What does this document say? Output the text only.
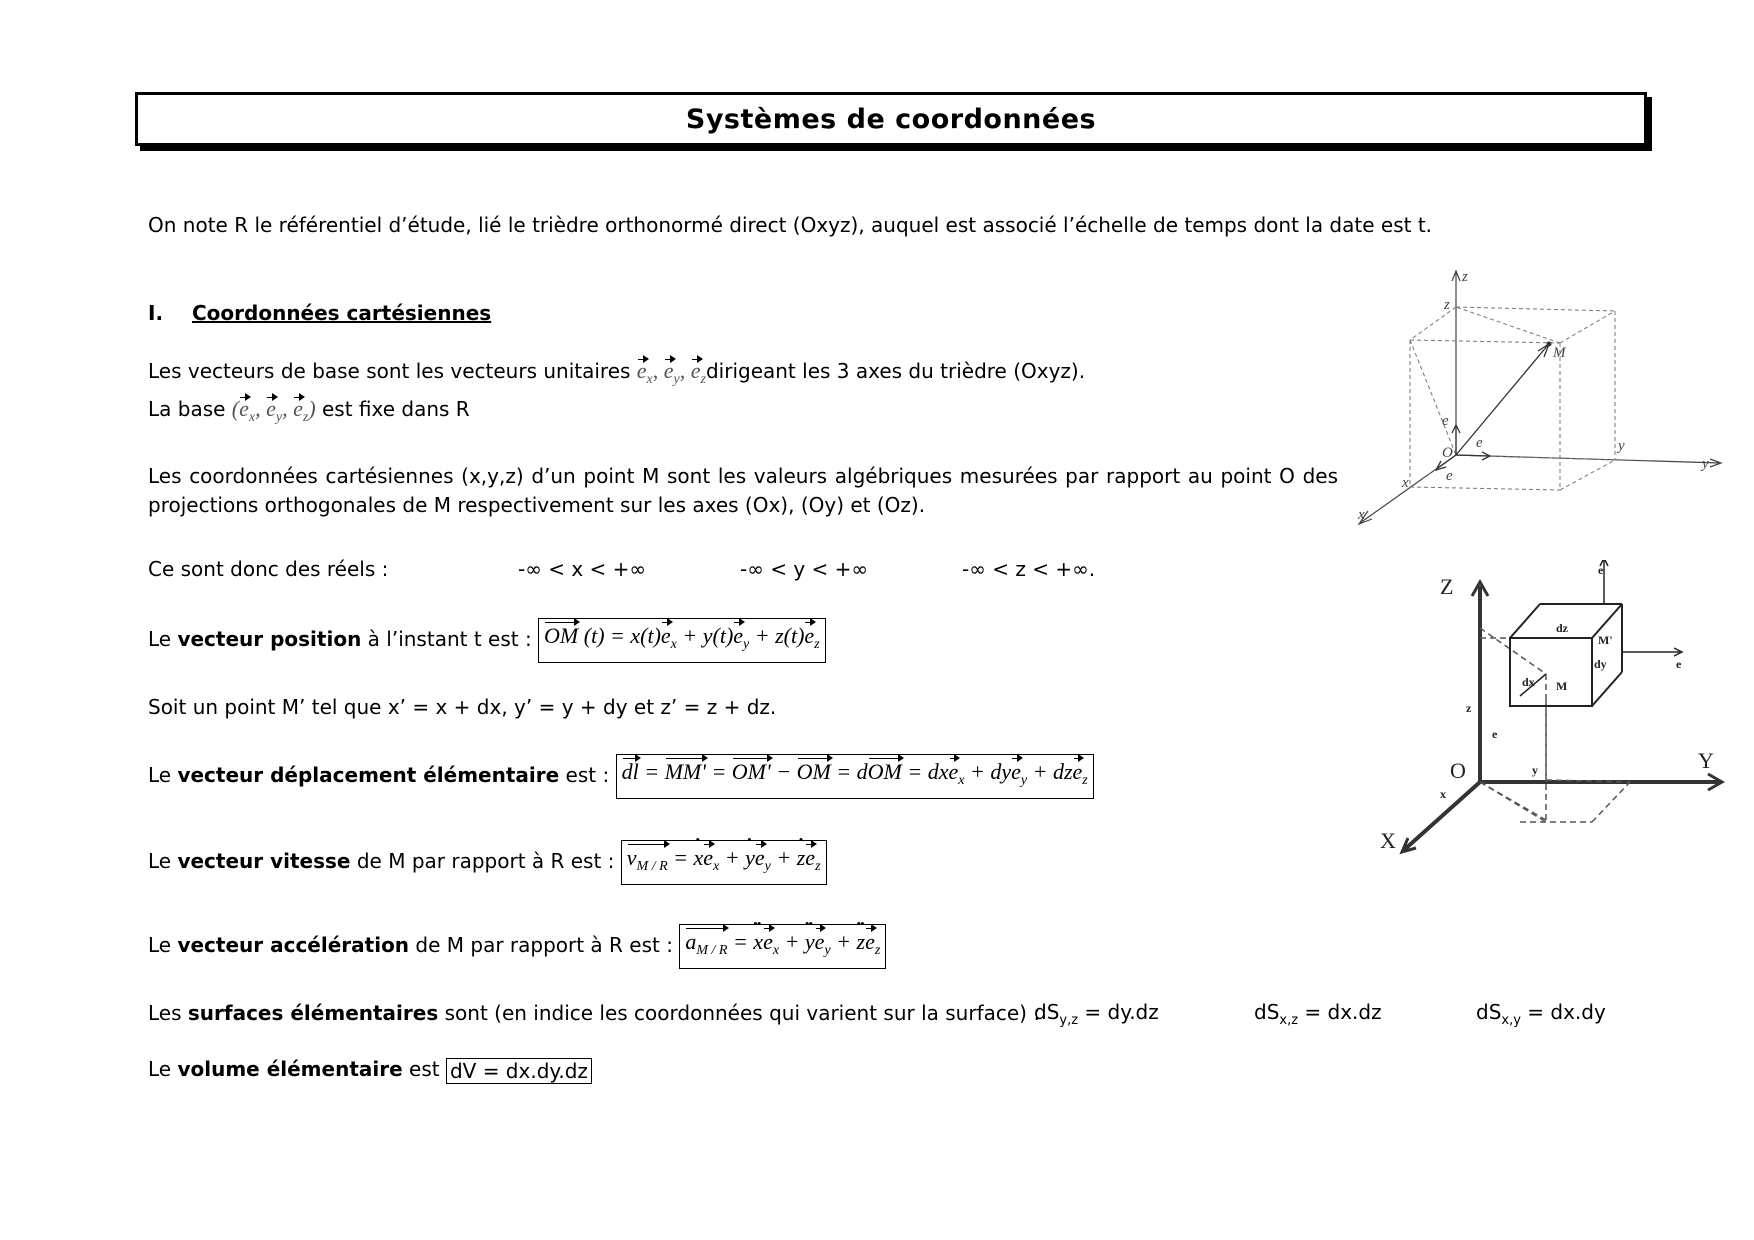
Systèmes de coordonnées
On note R le référentiel d’étude, lié le trièdre orthonormé direct (Oxyz), auquel est associé l’échelle de temps dont la date est t.
I. Coordonnées cartésiennes
Les vecteurs de base sont les vecteurs unitaires $e_x$, $e_y$, $e_zdirigeant$ les 3 axes du trièdre (Oxyz).
La base ($e_x$, $e_y$, $e_z$) est fixe dans R
Les coordonnées cartésiennes (x,y,z) d’un point M sont les valeurs algébriques mesurées par rapport au point O des
projections orthogonales de M respectivement sur les axes (Ox), (Oy) et (Oz).
Ce sont donc des réels :	-∞ < x < +∞	-∞ < y < +∞	-∞ < z < +∞.
Le vecteur position à l’instant t est : OM $(t) = x(t)e_x + y(t)e_y + z(t)e_z$
Soit un point M’ tel que x’ = x + dx, y’ = y + dy et z’ = z + dz.
Le vecteur déplacement élémentaire est : dl = MM' = OM' − OM = dOM = dxe$_x$ + dye$_y$ + dze$_z$
Le vecteur vitesse de M par rapport à R est : $v_{M / R}$ = • $xe_x$ + • $ye_y$ + • $ze_z$
Le vecteur accélération de M par rapport à R est : $a_{M / R}$ = •• $xe_x$ + •• $ye_y$ + •• $ze_z$
Les surfaces élémentaires sont (en indice les coordonnées qui varient sur la surface) :
$dS_{y,z} = dy.dz$	$dS_{x,z} = dx.dz$	$dS_{x,y} = dx.dy$
Le volume élémentaire est dV = dx.dy.dz
z
z
y
y
x
x
M
O
e
e
e
Z
Y
X
O
dz
dy
dx M
M'
z
y
x
e
e
e
